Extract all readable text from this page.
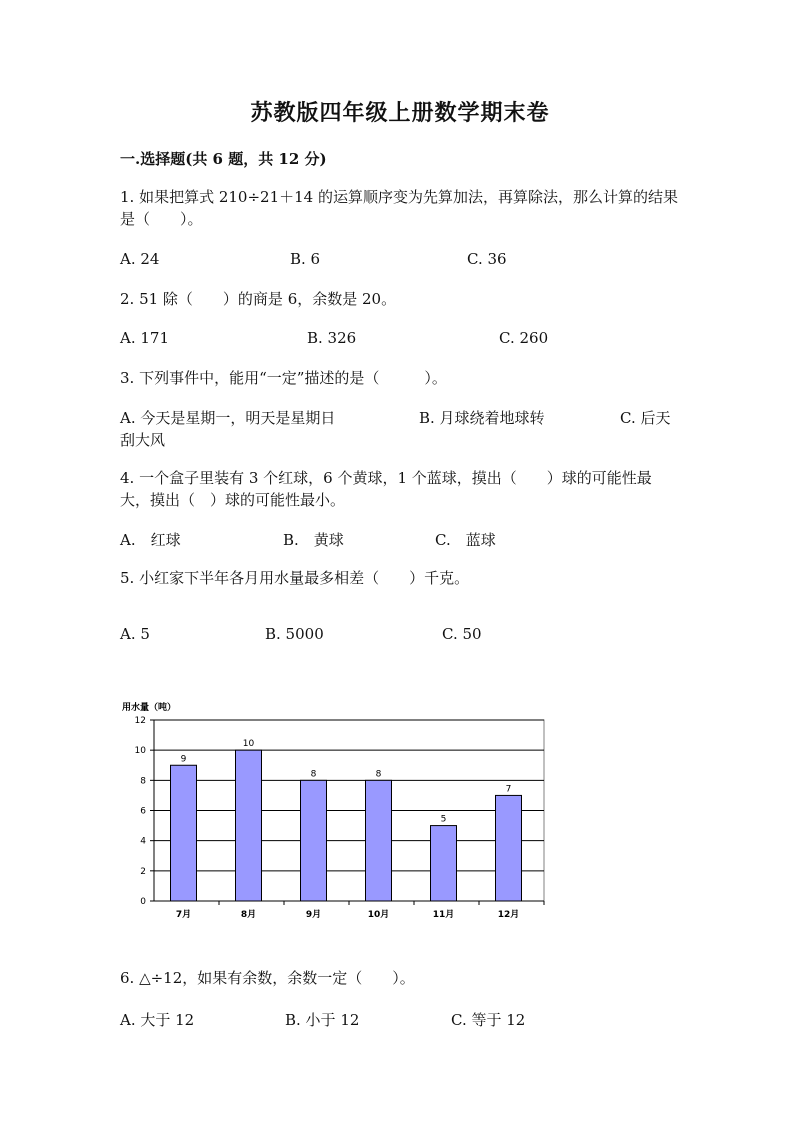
苏教版四年级上册数学期末卷
一.选择题(共 6 题，共 12 分)
1. 如果把算式 210÷21＋14 的运算顺序变为先算加法，再算除法，那么计算的结果是（　　）。
A. 24	B. 6	C. 36
2. 51 除（　　）的商是 6，余数是 20。
A. 171	B. 326	C. 260
3. 下列事件中，能用“一定”描述的是（　　　）。
A. 今天是星期一，明天是星期日	B. 月球绕着地球转	C. 后天刮大风
4. 一个盒子里装有 3 个红球，6 个黄球，1 个蓝球，摸出（　　）球的可能性最大，摸出（　）球的可能性最小。
A.　红球	B.　黄球	C.　蓝球
5. 小红家下半年各月用水量最多相差（　　）千克。
A. 5	B. 5000	C. 50
用水量（吨）
9
10
8	8
5
7
0
2
4
6
8
10
12
7月	8月	9月	10月	11月	12月
6. △÷12，如果有余数，余数一定（　　）。
A. 大于 12	B. 小于 12	C. 等于 12
